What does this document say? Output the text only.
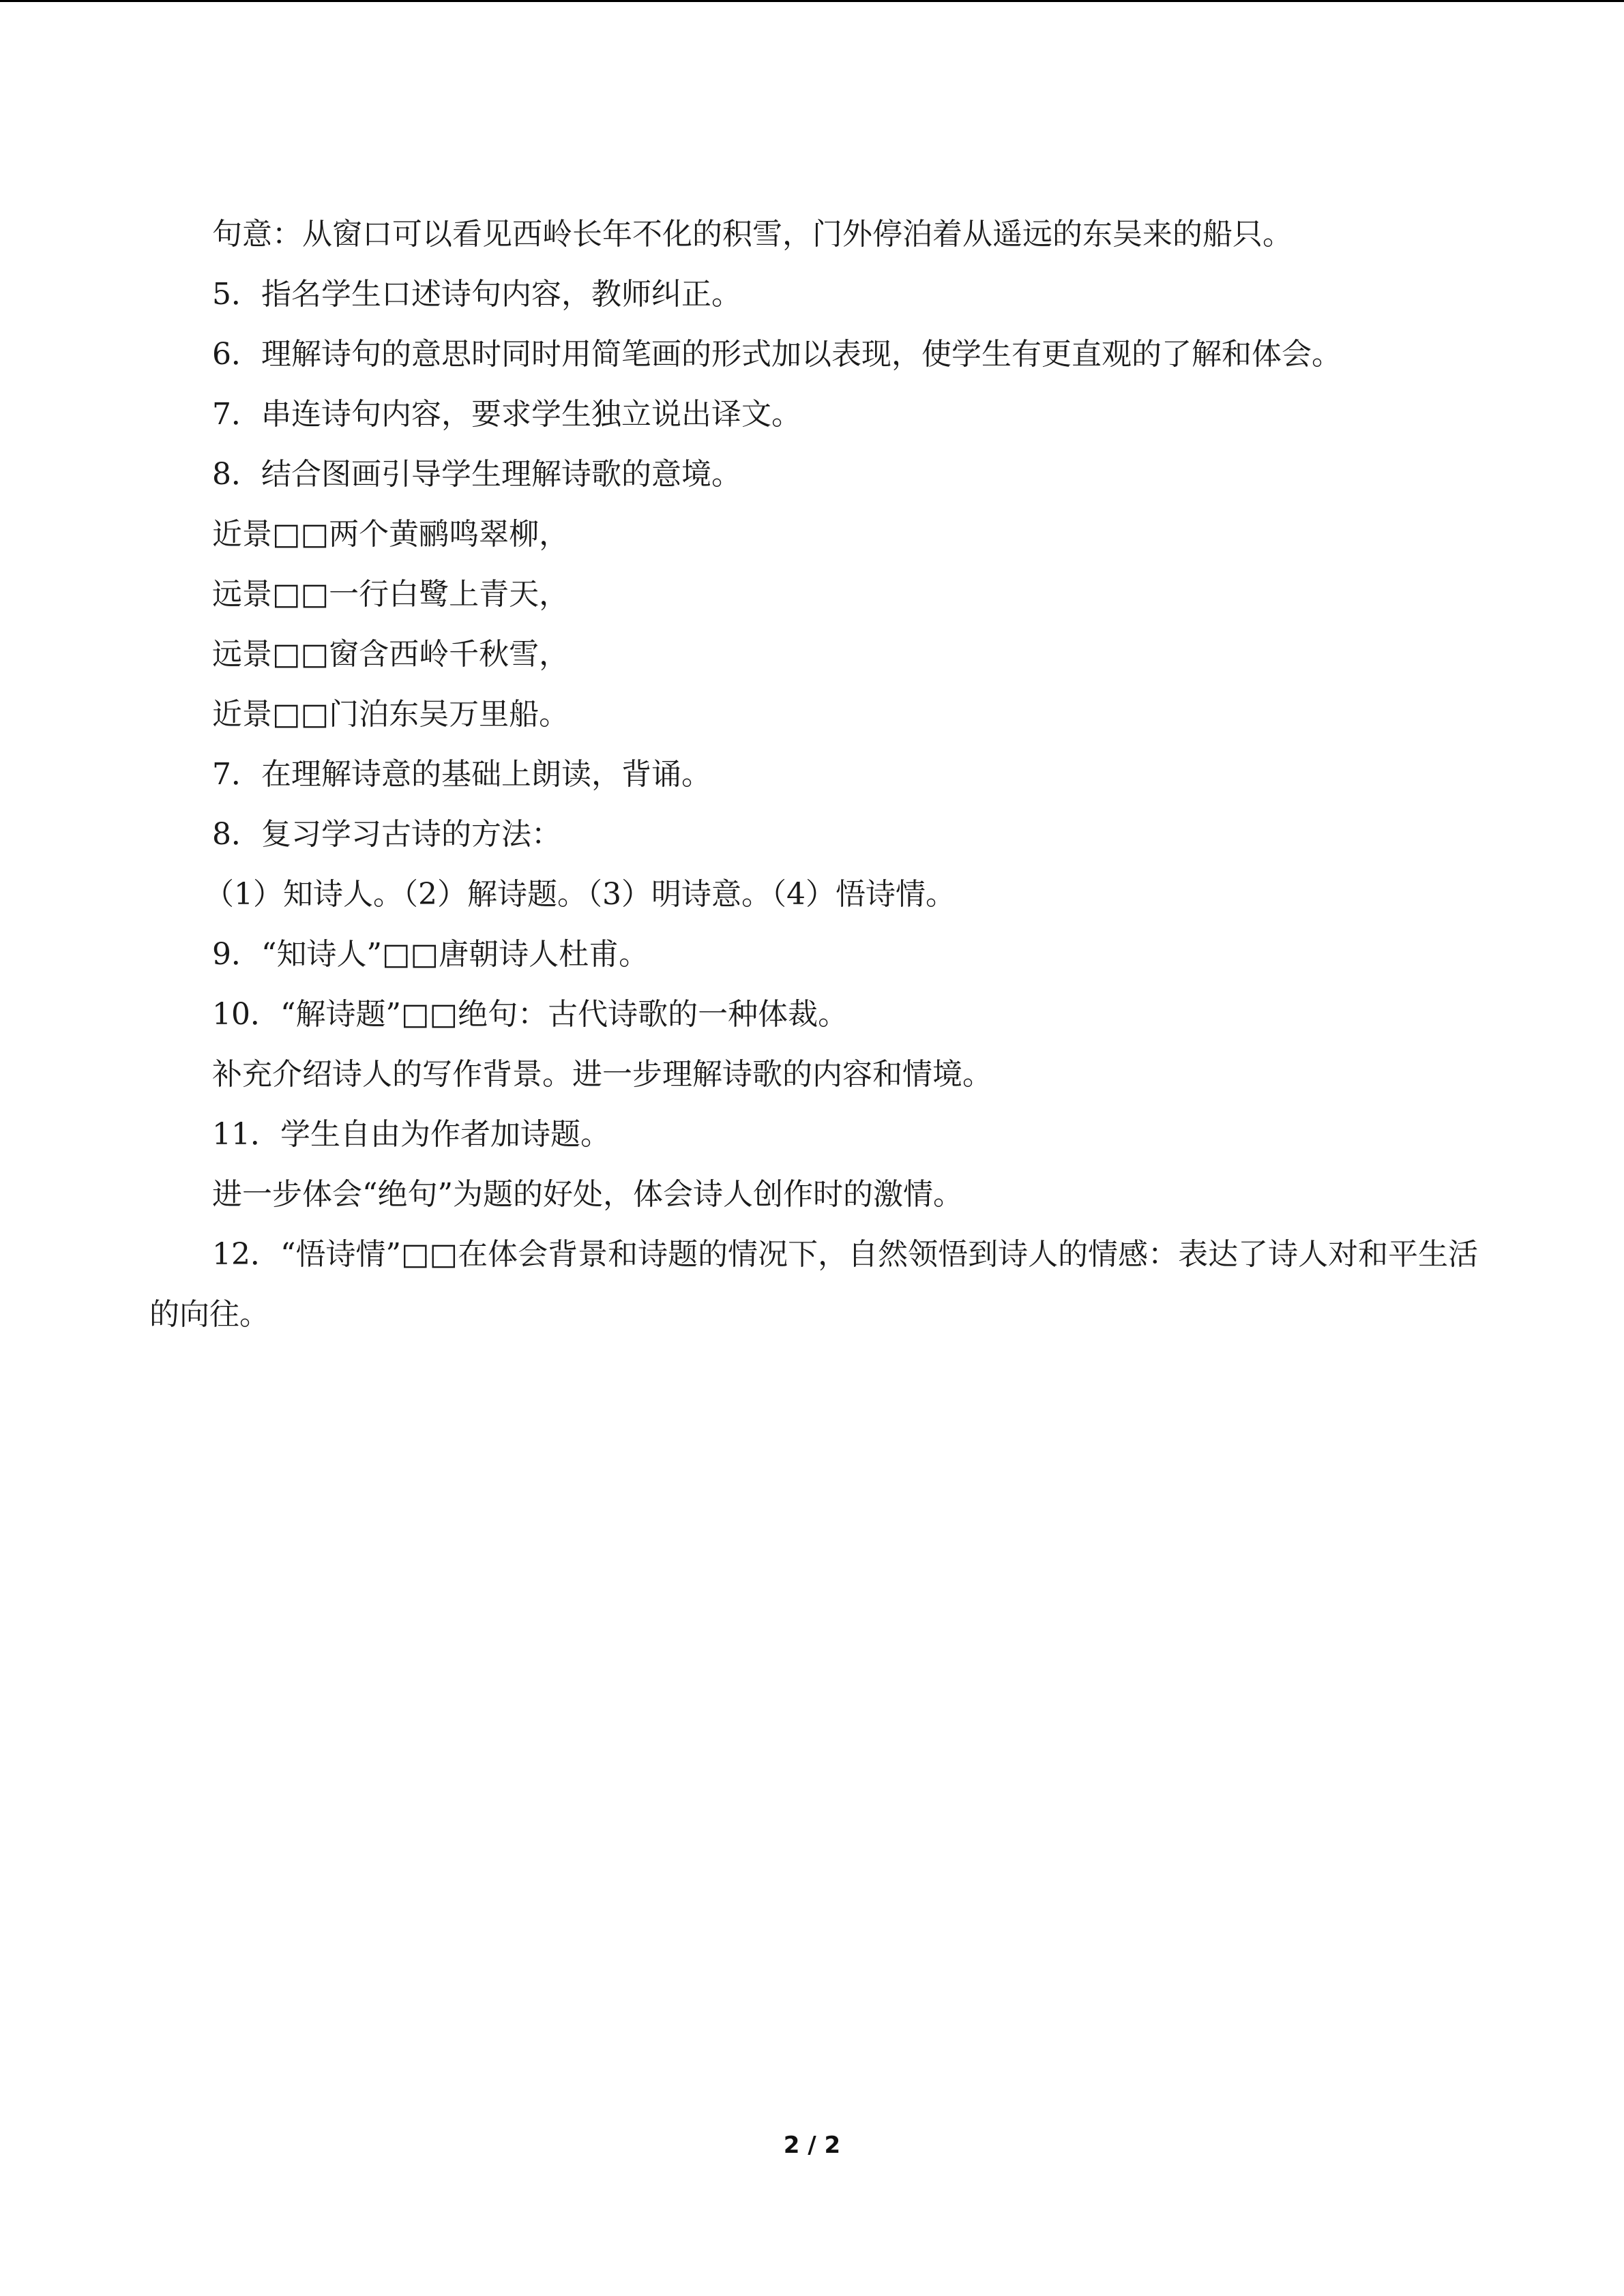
句意：从窗口可以看见西岭长年不化的积雪，门外停泊着从遥远的东吴来的船只。

5．指名学生口述诗句内容，教师纠正。

6．理解诗句的意思时同时用简笔画的形式加以表现，使学生有更直观的了解和体会。

7．串连诗句内容，要求学生独立说出译文。

8．结合图画引导学生理解诗歌的意境。

近景□□两个黄鹂鸣翠柳，

远景□□一行白鹭上青天，

远景□□窗含西岭千秋雪，

近景□□门泊东吴万里船。

7．在理解诗意的基础上朗读，背诵。

8．复习学习古诗的方法：

（1）知诗人。（2）解诗题。（3）明诗意。（4）悟诗情。

9．“知诗人”□□唐朝诗人杜甫。

10．“解诗题”□□绝句：古代诗歌的一种体裁。

补充介绍诗人的写作背景。进一步理解诗歌的内容和情境。

11．学生自由为作者加诗题。

进一步体会“绝句”为题的好处，体会诗人创作时的激情。

12．“悟诗情”□□在体会背景和诗题的情况下，自然领悟到诗人的情感：表达了诗人对和平生活的向往。

2 / 2
